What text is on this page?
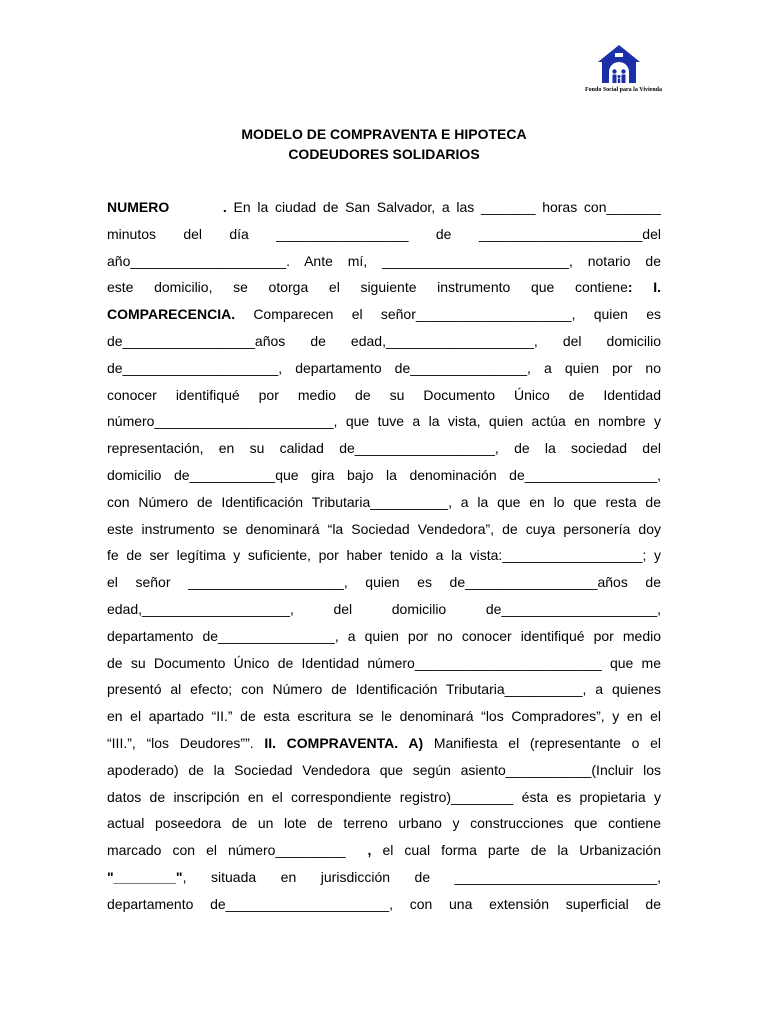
Fondo Social para la Vivienda
MODELO DE COMPRAVENTA E HIPOTECA
CODEUDORES SOLIDARIOS
NUMERO        . En la ciudad de San Salvador, a las _______ horas con_______
minutos del día _________________ de _____________________del
año____________________. Ante mí, ________________________, notario de
este domicilio, se otorga el siguiente instrumento que contiene: I.
COMPARECENCIA. Comparecen el señor____________________, quien es
de_________________años de edad,___________________, del domicilio
de____________________, departamento de_______________, a quien por no
conocer identifiqué por medio de su Documento Único de Identidad
número_______________________, que tuve a la vista, quien actúa en nombre y
representación, en su calidad de__________________, de la sociedad del
domicilio de___________que gira bajo la denominación de_________________,
con Número de Identificación Tributaria__________, a la que en lo que resta de
este instrumento se denominará “la Sociedad Vendedora”, de cuya personería doy
fe de ser legítima y suficiente, por haber tenido a la vista:__________________; y
el señor ____________________, quien es de_________________años de
edad,___________________, del domicilio de____________________,
departamento de_______________, a quien por no conocer identifiqué por medio
de su Documento Único de Identidad número________________________ que me
presentó al efecto; con Número de Identificación Tributaria__________, a quienes
en el apartado “II.” de esta escritura se le denominará “los Compradores”, y en el
“III.”, “los Deudores””. II. COMPRAVENTA. A) Manifiesta el (representante o el
apoderado) de la Sociedad Vendedora que según asiento___________(Incluir los
datos de inscripción en el correspondiente registro)________ ésta es propietaria y
actual poseedora de un lote de terreno urbano y construcciones que contiene
marcado con el número_________  , el cual forma parte de la Urbanización
"________", situada en jurisdicción de __________________________,
departamento de_____________________, con una extensión superficial de
